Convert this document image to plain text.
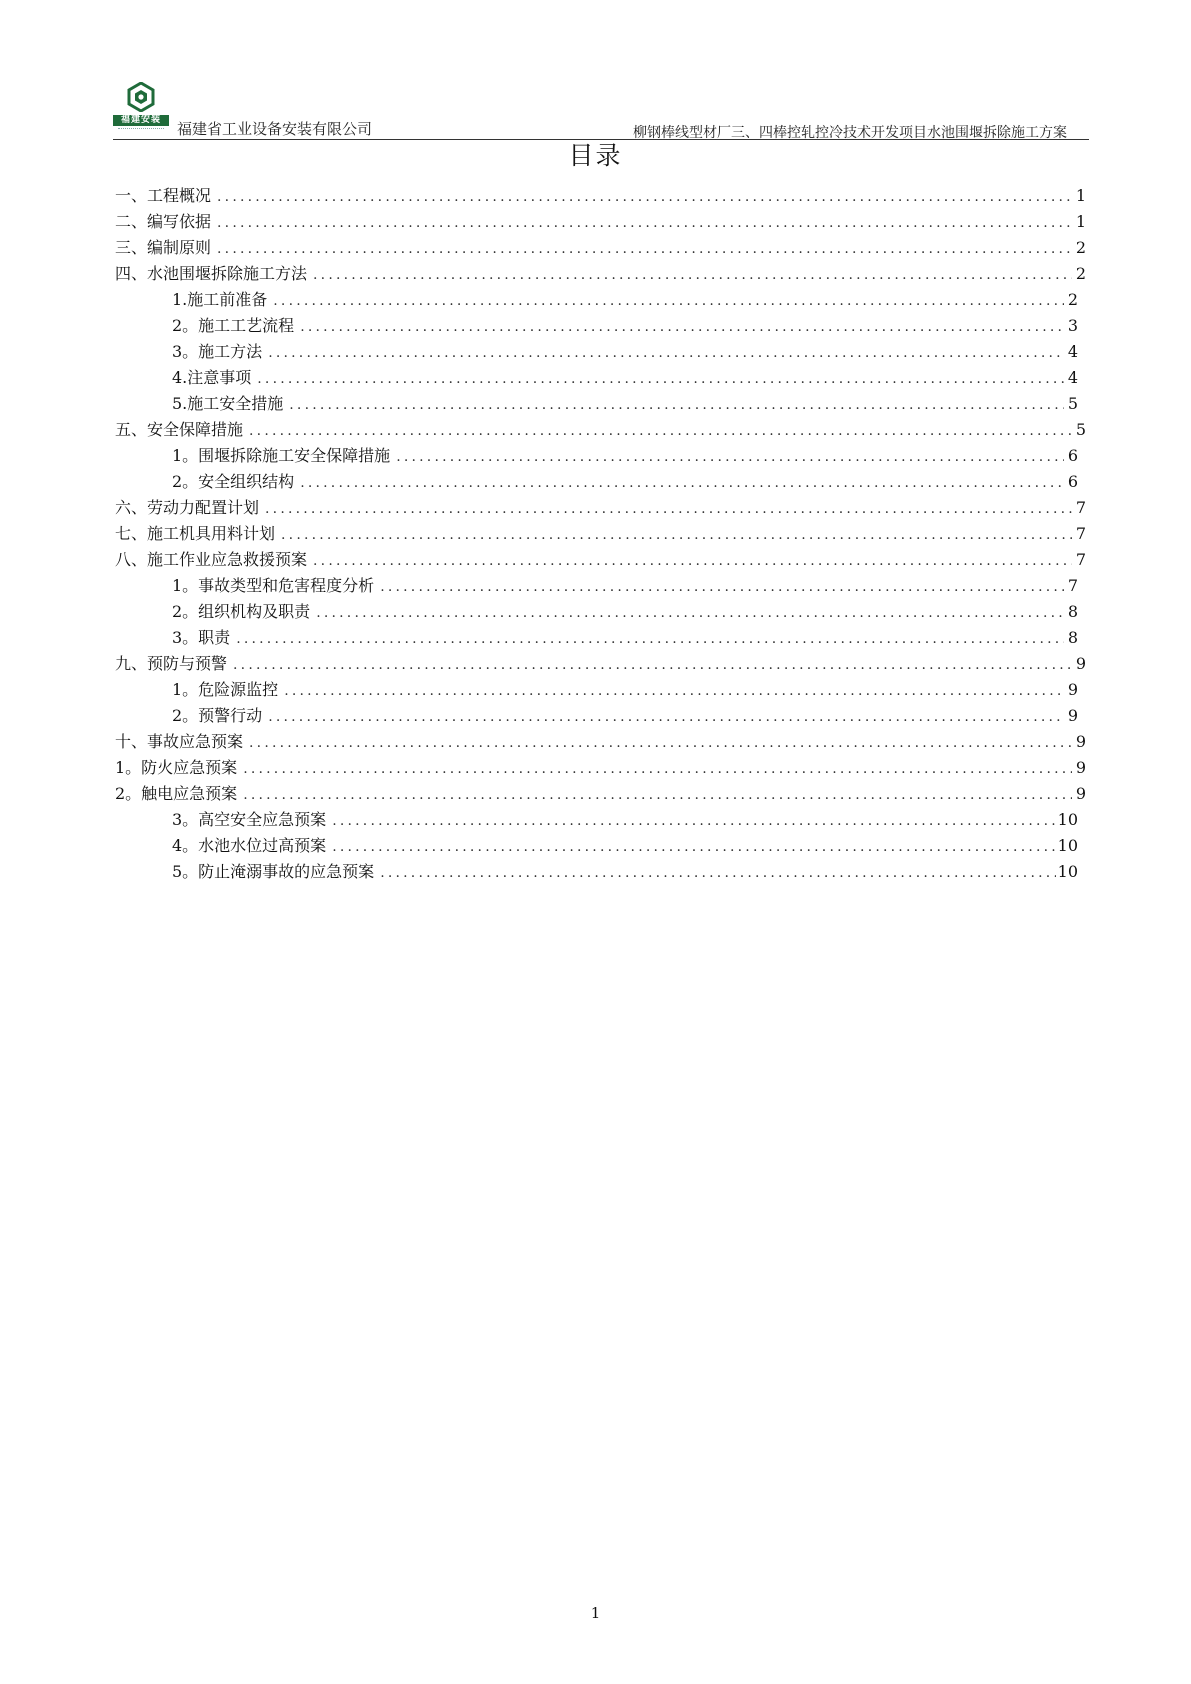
福建安装	福建省工业设备安装有限公司	柳钢棒线型材厂三、四棒控轧控冷技术开发项目水池围堰拆除施工方案
目录
一、工程概况 .....	1
二、编写依据 .....	1
三、编制原则 .....	2
四、水池围堰拆除施工方法 .....	2
1.施工前准备 .....	2
2。施工工艺流程 .....	3
3。施工方法 .....	4
4.注意事项 .....	4
5.施工安全措施 .....	5
五、安全保障措施 .....	5
1。围堰拆除施工安全保障措施 .....	6
2。安全组织结构 .....	6
六、劳动力配置计划 .....	7
七、施工机具用料计划 .....	7
八、施工作业应急救援预案 .....	7
1。事故类型和危害程度分析 .....	7
2。组织机构及职责 .....	8
3。职责 .....	8
九、预防与预警 .....	9
1。危险源监控 .....	9
2。预警行动 .....	9
十、事故应急预案 .....	9
1。防火应急预案 .....	9
2。触电应急预案 .....	9
3。高空安全应急预案 .....	10
4。水池水位过高预案 .....	10
5。防止淹溺事故的应急预案 .....	10
1
